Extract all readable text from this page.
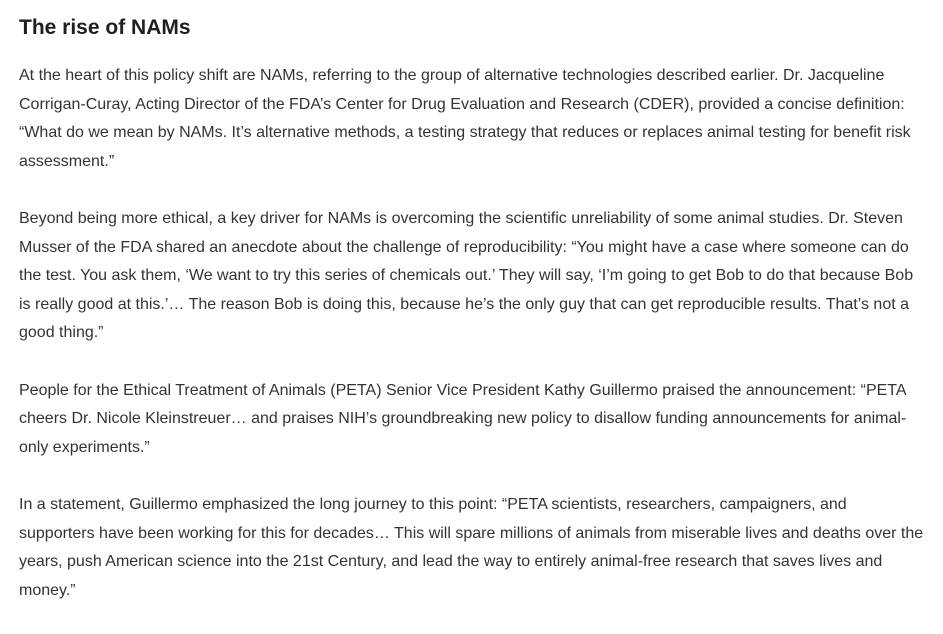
The rise of NAMs

At the heart of this policy shift are NAMs, referring to the group of alternative technologies described earlier. Dr. Jacqueline Corrigan-Curay, Acting Director of the FDA’s Center for Drug Evaluation and Research (CDER), provided a concise definition: “What do we mean by NAMs. It’s alternative methods, a testing strategy that reduces or replaces animal testing for benefit risk assessment.”

Beyond being more ethical, a key driver for NAMs is overcoming the scientific unreliability of some animal studies. Dr. Steven Musser of the FDA shared an anecdote about the challenge of reproducibility: “You might have a case where someone can do the test. You ask them, ‘We want to try this series of chemicals out.’ They will say, ‘I’m going to get Bob to do that because Bob is really good at this.’… The reason Bob is doing this, because he’s the only guy that can get reproducible results. That’s not a good thing.”

People for the Ethical Treatment of Animals (PETA) Senior Vice President Kathy Guillermo praised the announcement: “PETA cheers Dr. Nicole Kleinstreuer… and praises NIH’s groundbreaking new policy to disallow funding announcements for animal-only experiments.”

In a statement, Guillermo emphasized the long journey to this point: “PETA scientists, researchers, campaigners, and supporters have been working for this for decades… This will spare millions of animals from miserable lives and deaths over the years, push American science into the 21st Century, and lead the way to entirely animal-free research that saves lives and money.”
